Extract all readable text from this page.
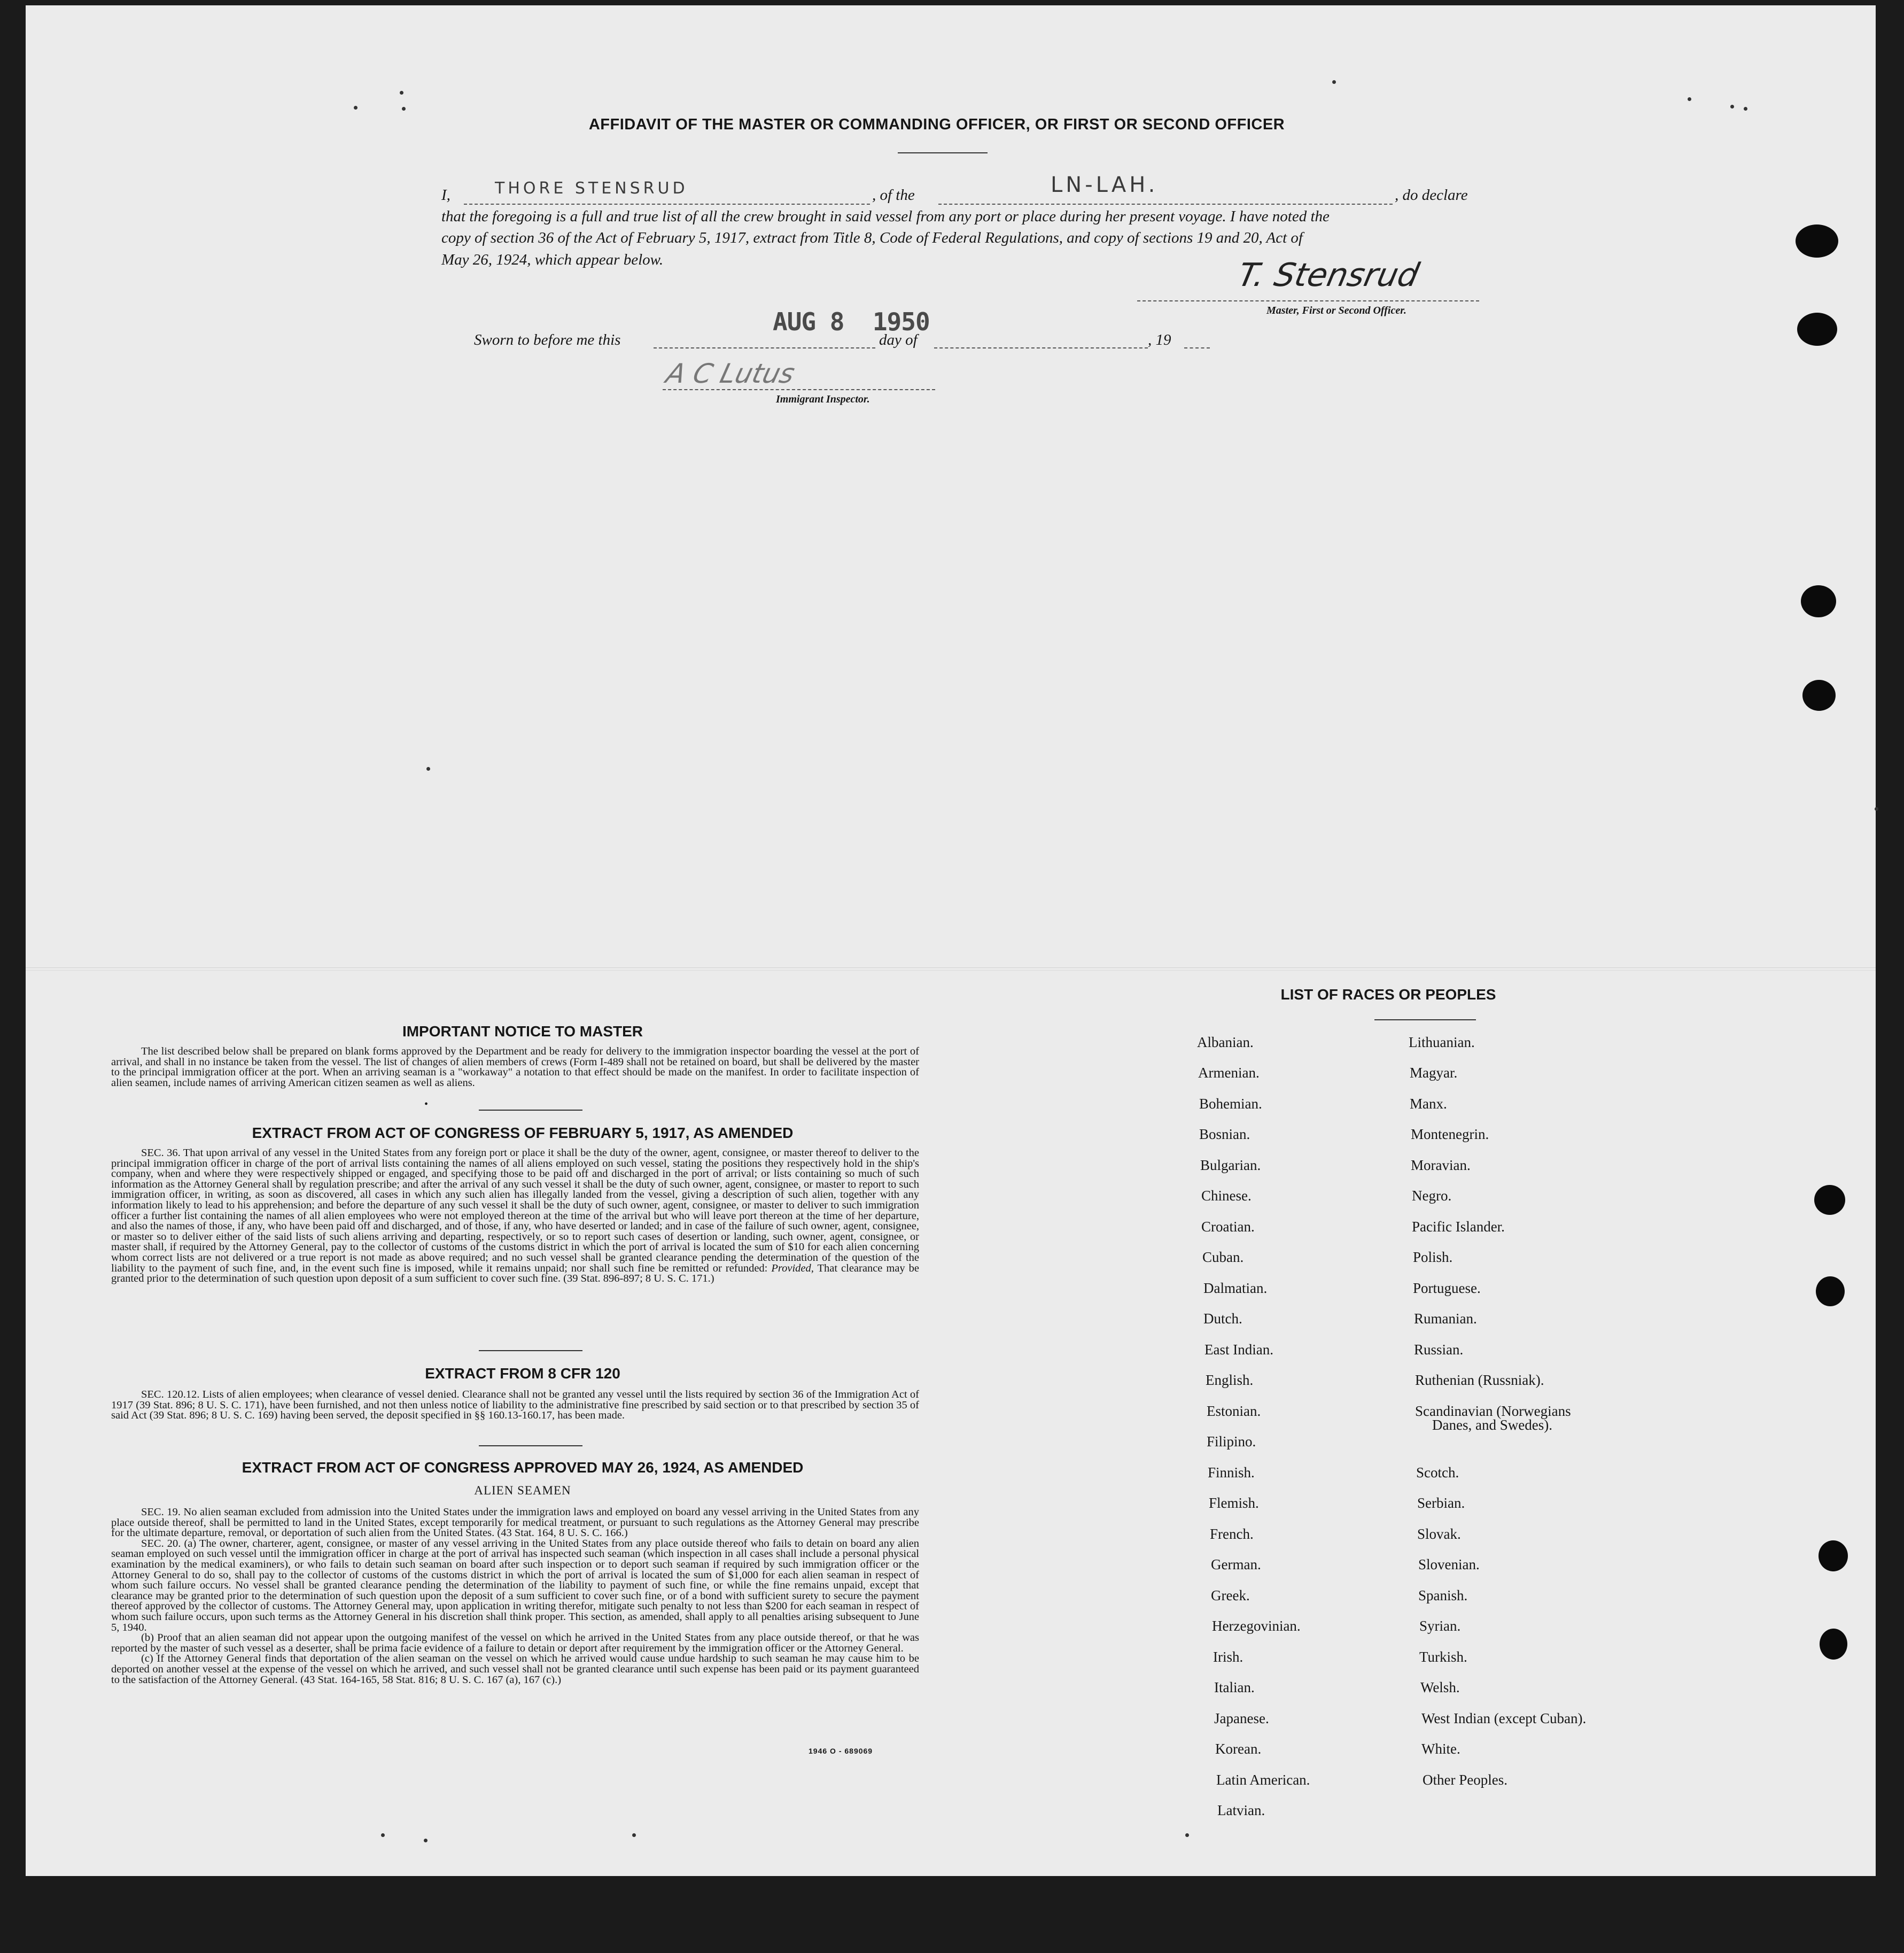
AFFIDAVIT OF THE MASTER OR COMMANDING OFFICER, OR FIRST OR SECOND OFFICER
I,	THORE STENSRUD	, of the	LN-LAH.	, do declare
that the foregoing is a full and true list of all the crew brought in said vessel from any port or place during her present voyage. I have noted the
copy of section 36 of the Act of February 5, 1917, extract from Title 8, Code of Federal Regulations, and copy of sections 19 and 20, Act of
May 26, 1924, which appear below.	T. Stensrud
Master, First or Second Officer.
Sworn to before me this
AUG 8  1950
day of	, 19
A C Lutus
Immigrant Inspector.
IMPORTANT NOTICE TO MASTER
The list described below shall be prepared on blank forms approved by the Department and be ready for delivery to the immigration inspector boarding the vessel at the port of arrival, and shall in no instance be taken from the vessel. The list of changes of alien members of crews (Form I-489 shall not be retained on board, but shall be delivered by the master to the principal immigration officer at the port. When an arriving seaman is a "workaway" a notation to that effect should be made on the manifest. In order to facilitate inspection of alien seamen, include names of arriving American citizen seamen as well as aliens.
•
EXTRACT FROM ACT OF CONGRESS OF FEBRUARY 5, 1917, AS AMENDED
SEC. 36. That upon arrival of any vessel in the United States from any foreign port or place it shall be the duty of the owner, agent, consignee, or master thereof to deliver to the principal immigration officer in charge of the port of arrival lists containing the names of all aliens employed on such vessel, stating the positions they respectively hold in the ship's company, when and where they were respectively shipped or engaged, and specifying those to be paid off and discharged in the port of arrival; or lists containing so much of such information as the Attorney General shall by regulation prescribe; and after the arrival of any such vessel it shall be the duty of such owner, agent, consignee, or master to report to such immigration officer, in writing, as soon as discovered, all cases in which any such alien has illegally landed from the vessel, giving a description of such alien, together with any information likely to lead to his apprehension; and before the departure of any such vessel it shall be the duty of such owner, agent, consignee, or master to deliver to such immigration officer a further list containing the names of all alien employees who were not employed thereon at the time of the arrival but who will leave port thereon at the time of her departure, and also the names of those, if any, who have been paid off and discharged, and of those, if any, who have deserted or landed; and in case of the failure of such owner, agent, consignee, or master so to deliver either of the said lists of such aliens arriving and departing, respectively, or so to report such cases of desertion or landing, such owner, agent, consignee, or master shall, if required by the Attorney General, pay to the collector of customs of the customs district in which the port of arrival is located the sum of $10 for each alien concerning whom correct lists are not delivered or a true report is not made as above required; and no such vessel shall be granted clearance pending the determination of the question of the liability to the payment of such fine, and, in the event such fine is imposed, while it remains unpaid; nor shall such fine be remitted or refunded: Provided, That clearance may be granted prior to the determination of such question upon deposit of a sum sufficient to cover such fine. (39 Stat. 896-897; 8 U. S. C. 171.)
EXTRACT FROM 8 CFR 120
SEC. 120.12. Lists of alien employees; when clearance of vessel denied. Clearance shall not be granted any vessel until the lists required by section 36 of the Immigration Act of 1917 (39 Stat. 896; 8 U. S. C. 171), have been furnished, and not then unless notice of liability to the administrative fine prescribed by said section or to that prescribed by section 35 of said Act (39 Stat. 896; 8 U. S. C. 169) having been served, the deposit specified in §§ 160.13-160.17, has been made.
EXTRACT FROM ACT OF CONGRESS APPROVED MAY 26, 1924, AS AMENDED
ALIEN SEAMEN

SEC. 19. No alien seaman excluded from admission into the United States under the immigration laws and employed on board any vessel arriving in the United States from any place outside thereof, shall be permitted to land in the United States, except temporarily for medical treatment, or pursuant to such regulations as the Attorney General may prescribe for the ultimate departure, removal, or deportation of such alien from the United States. (43 Stat. 164, 8 U. S. C. 166.)

SEC. 20. (a) The owner, charterer, agent, consignee, or master of any vessel arriving in the United States from any place outside thereof who fails to detain on board any alien seaman employed on such vessel until the immigration officer in charge at the port of arrival has inspected such seaman (which inspection in all cases shall include a personal physical examination by the medical examiners), or who fails to detain such seaman on board after such inspection or to deport such seaman if required by such immigration officer or the Attorney General to do so, shall pay to the collector of customs of the customs district in which the port of arrival is located the sum of $1,000 for each alien seaman in respect of whom such failure occurs. No vessel shall be granted clearance pending the determination of the liability to payment of such fine, or while the fine remains unpaid, except that clearance may be granted prior to the determination of such question upon the deposit of a sum sufficient to cover such fine, or of a bond with sufficient surety to secure the payment thereof approved by the collector of customs. The Attorney General may, upon application in writing therefor, mitigate such penalty to not less than $200 for each seaman in respect of whom such failure occurs, upon such terms as the Attorney General in his discretion shall think proper. This section, as amended, shall apply to all penalties arising subsequent to June 5, 1940.

(b) Proof that an alien seaman did not appear upon the outgoing manifest of the vessel on which he arrived in the United States from any place outside thereof, or that he was reported by the master of such vessel as a deserter, shall be prima facie evidence of a failure to detain or deport after requirement by the immigration officer or the Attorney General.

(c) If the Attorney General finds that deportation of the alien seaman on the vessel on which he arrived would cause undue hardship to such seaman he may cause him to be deported on another vessel at the expense of the vessel on which he arrived, and such vessel shall not be granted clearance until such expense has been paid or its payment guaranteed to the satisfaction of the Attorney General. (43 Stat. 164-165, 58 Stat. 816; 8 U. S. C. 167 (a), 167 (c).)

1946 O - 689069
LIST OF RACES OR PEOPLES
Albanian.
Armenian.
Bohemian.
Bosnian.
Bulgarian.
Chinese.
Croatian.
Cuban.
Dalmatian.
Dutch.
East Indian.
English.
Estonian.
Filipino.
Finnish.
Flemish.
French.
German.
Greek.
Herzegovinian.
Irish.
Italian.
Japanese.
Korean.
Latin American.
Latvian.
Lithuanian.
Magyar.
Manx.
Montenegrin.
Moravian.
Negro.
Pacific Islander.
Polish.
Portuguese.
Rumanian.
Russian.
Ruthenian (Russniak).
Scandinavian (Norwegians
Danes, and Swedes).
Scotch.
Serbian.
Slovak.
Slovenian.
Spanish.
Syrian.
Turkish.
Welsh.
West Indian (except Cuban).
White.
Other Peoples.
